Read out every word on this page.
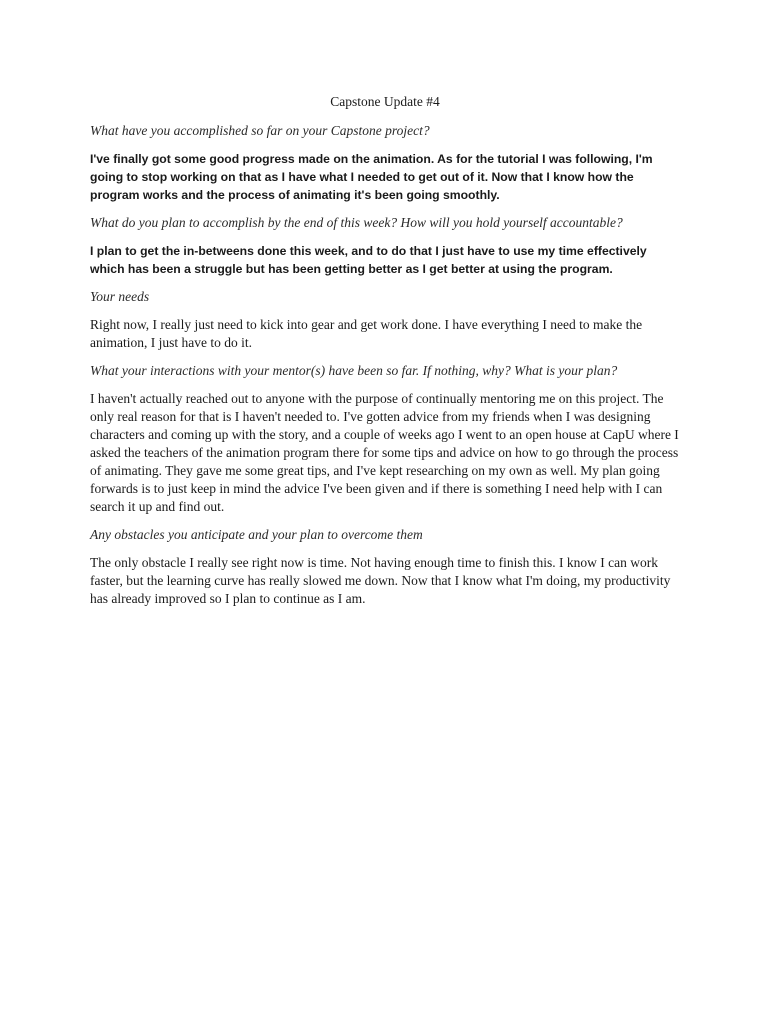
Capstone Update #4

What have you accomplished so far on your Capstone project?

I've finally got some good progress made on the animation. As for the tutorial I was following, I'm going to stop working on that as I have what I needed to get out of it. Now that I know how the program works and the process of animating it's been going smoothly.

What do you plan to accomplish by the end of this week? How will you hold yourself accountable?

I plan to get the in-betweens done this week, and to do that I just have to use my time effectively which has been a struggle but has been getting better as I get better at using the program.

Your needs

Right now, I really just need to kick into gear and get work done. I have everything I need to make the animation, I just have to do it.

What your interactions with your mentor(s) have been so far. If nothing, why? What is your plan?

I haven't actually reached out to anyone with the purpose of continually mentoring me on this project. The only real reason for that is I haven't needed to. I've gotten advice from my friends when I was designing characters and coming up with the story, and a couple of weeks ago I went to an open house at CapU where I asked the teachers of the animation program there for some tips and advice on how to go through the process of animating. They gave me some great tips, and I've kept researching on my own as well. My plan going forwards is to just keep in mind the advice I've been given and if there is something I need help with I can search it up and find out.

Any obstacles you anticipate and your plan to overcome them

The only obstacle I really see right now is time. Not having enough time to finish this. I know I can work faster, but the learning curve has really slowed me down. Now that I know what I'm doing, my productivity has already improved so I plan to continue as I am.
